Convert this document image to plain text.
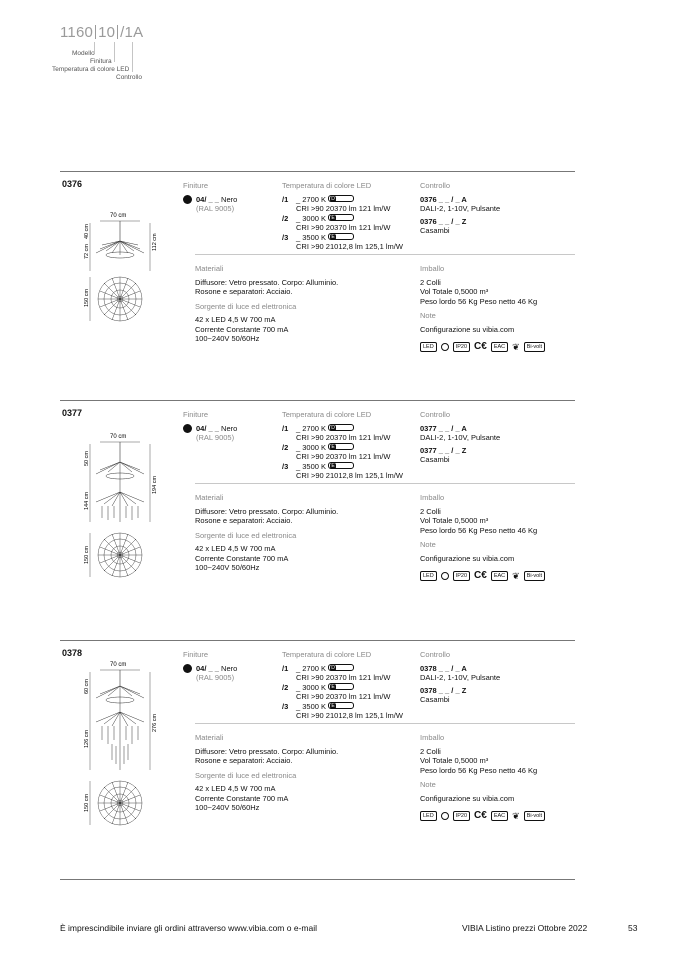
1160 10 /1A
Modello
Finitura
Temperatura di colore LED
Controllo
0376
70 cm
72 cm
40 cm
112 cm
150 cm
Finiture
04/ _ _ Nero
(RAL 9005)
Temperatura di colore LED
/1	_ 2700 K D
CRI >90 20370 lm 121 lm/W
/2	_ 3000 K E
CRI >90 20370 lm 121 lm/W
/3	_ 3500 K E
CRI >90 21012,8 lm 125,1 lm/W
Controllo
0376 _ _ / _ A
DALI-2, 1-10V, Pulsante
0376 _ _ / _ Z
Casambi
Materiali
Diffusore: Vetro pressato. Corpo: Alluminio.
Rosone e separatori: Acciaio.
Sorgente di luce ed elettronica
42 x LED 4,5 W 700 mA
Corrente Constante 700 mA
100~240V 50/60Hz
Imballo
2 Colli
Vol Totale 0,5000 m³
Peso lordo 56 Kg Peso netto 46 Kg
Note
Configurazione su vibia.com
LED	IP20 C€	EAC ❦	Bi-volt
0377
70 cm
144 cm
50 cm
194 cm
150 cm
Finiture
04/ _ _ Nero
(RAL 9005)
Temperatura di colore LED
/1	_ 2700 K D
CRI >90 20370 lm 121 lm/W
/2	_ 3000 K E
CRI >90 20370 lm 121 lm/W
/3	_ 3500 K E
CRI >90 21012,8 lm 125,1 lm/W
Controllo
0377 _ _ / _ A
DALI-2, 1-10V, Pulsante
0377 _ _ / _ Z
Casambi
Materiali
Diffusore: Vetro pressato. Corpo: Alluminio.
Rosone e separatori: Acciaio.
Sorgente di luce ed elettronica
42 x LED 4,5 W 700 mA
Corrente Constante 700 mA
100~240V 50/60Hz
Imballo
2 Colli
Vol Totale 0,5000 m³
Peso lordo 56 Kg Peso netto 46 Kg
Note
Configurazione su vibia.com
LED	IP20 C€	EAC ❦	Bi-volt
0378
70 cm
126 cm
60 cm
276 cm
150 cm
Finiture
04/ _ _ Nero
(RAL 9005)
Temperatura di colore LED
/1	_ 2700 K D
CRI >90 20370 lm 121 lm/W
/2	_ 3000 K E
CRI >90 20370 lm 121 lm/W
/3	_ 3500 K E
CRI >90 21012,8 lm 125,1 lm/W
Controllo
0378 _ _ / _ A
DALI-2, 1-10V, Pulsante
0378 _ _ / _ Z
Casambi
Materiali
Diffusore: Vetro pressato. Corpo: Alluminio.
Rosone e separatori: Acciaio.
Sorgente di luce ed elettronica
42 x LED 4,5 W 700 mA
Corrente Constante 700 mA
100~240V 50/60Hz
Imballo
2 Colli
Vol Totale 0,5000 m³
Peso lordo 56 Kg Peso netto 46 Kg
Note
Configurazione su vibia.com
LED	IP20 C€	EAC ❦	Bi-volt
È imprescindibile inviare gli ordini attraverso www.vibia.com o e-mail	VIBIA Listino prezzi Ottobre 2022	53
